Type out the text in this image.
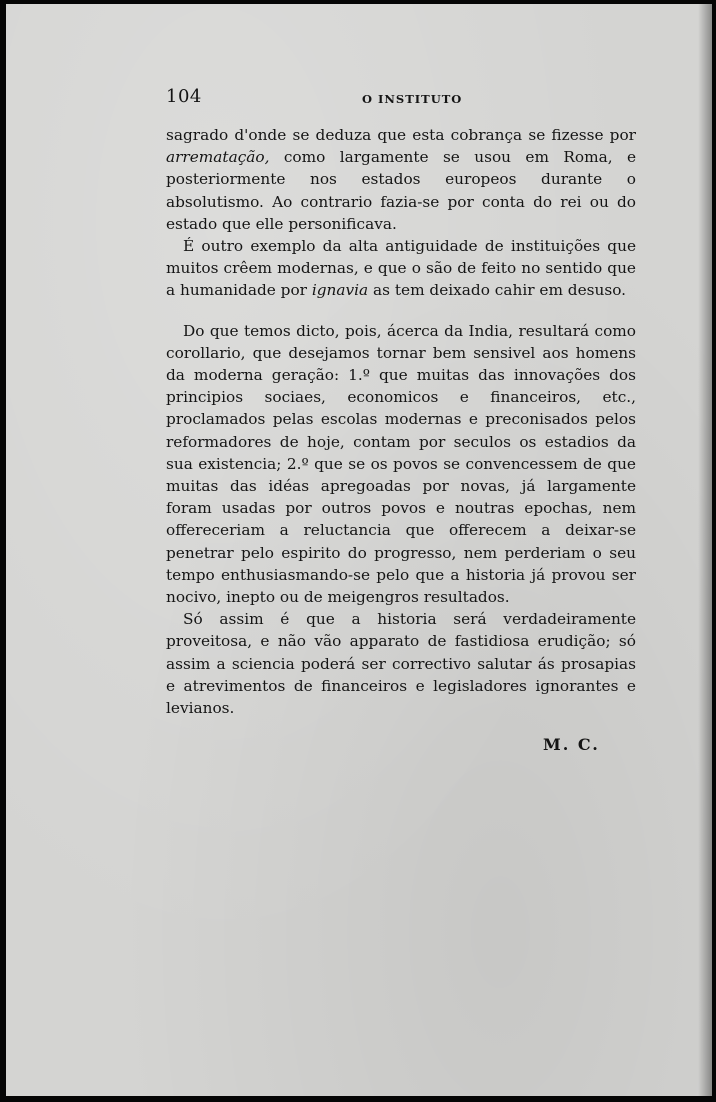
104	O INSTITUTO

sagrado d'onde se deduza que esta cobrança se fizesse por arrematação, como largamente se usou em Roma, e posteriormente nos estados europeos durante o absolutismo. Ao contrario fazia-se por conta do rei ou do estado que elle personificava.

É outro exemplo da alta antiguidade de instituições que muitos crêem modernas, e que o são de feito no sentido que a humanidade por ignavia as tem deixado cahir em desuso.

Do que temos dicto, pois, ácerca da India, resultará como corollario, que desejamos tornar bem sensivel aos homens da moderna geração: 1.º que muitas das innovações dos principios sociaes, economicos e financeiros, etc., proclamados pelas escolas modernas e preconisados pelos reformadores de hoje, contam por seculos os estadios da sua existencia; 2.º que se os povos se convencessem de que muitas das idéas apregoadas por novas, já largamente foram usadas por outros povos e noutras epochas, nem offereceriam a reluctancia que offerecem a deixar-se penetrar pelo espirito do progresso, nem perderiam o seu tempo enthusiasmando-se pelo que a historia já provou ser nocivo, inepto ou de meigengros resultados.

Só assim é que a historia será verdadeiramente proveitosa, e não vão apparato de fastidiosa erudição; só assim a sciencia poderá ser correctivo salutar ás prosapias e atrevimentos de financeiros e legisladores ignorantes e levianos.

M. C.
